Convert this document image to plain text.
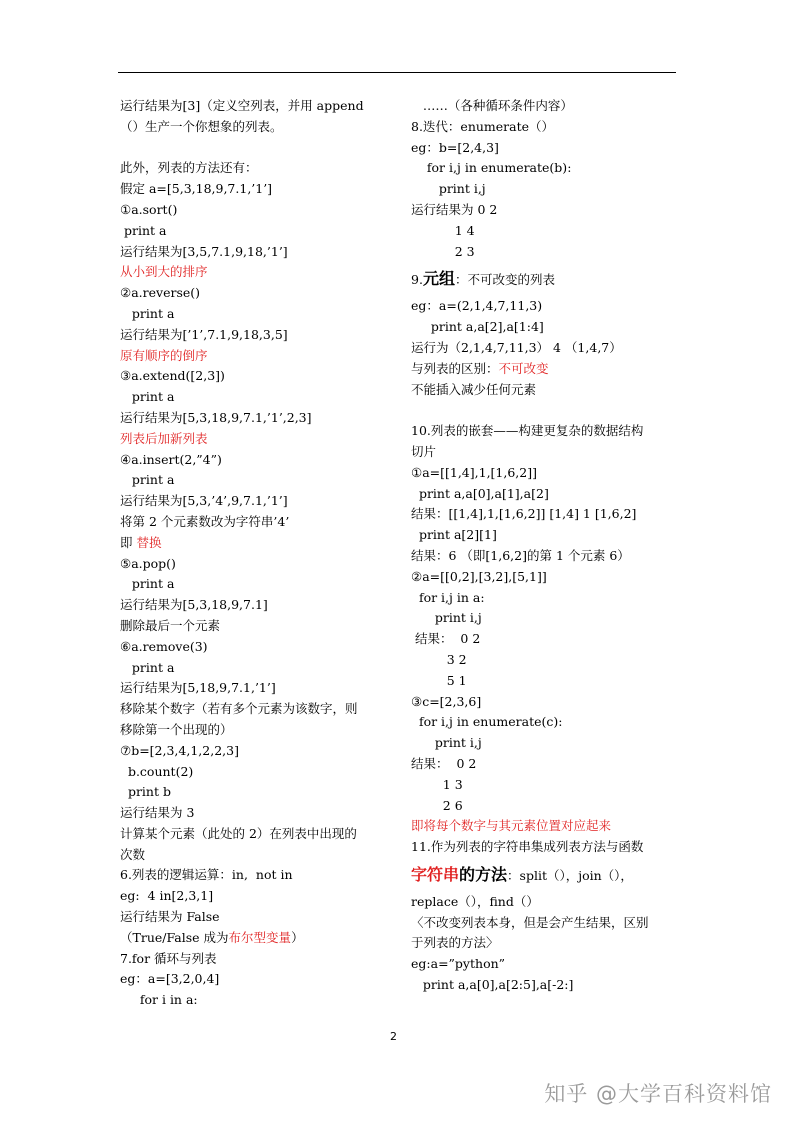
运行结果为[3]（定义空列表，并用 append
（）生产一个你想象的列表。
此外，列表的方法还有：
假定 a=[5,3,18,9,7.1,’1’]
①a.sort()
print a
运行结果为[3,5,7.1,9,18,’1’]
从小到大的排序
②a.reverse()
print a
运行结果为[’1’,7.1,9,18,3,5]
原有顺序的倒序
③a.extend([2,3])
print a
运行结果为[5,3,18,9,7.1,’1’,2,3]
列表后加新列表
④a.insert(2,”4”)
print a
运行结果为[5,3,’4’,9,7.1,’1’]
将第 2 个元素数改为字符串’4’
即 替换
⑤a.pop()
print a
运行结果为[5,3,18,9,7.1]
删除最后一个元素
⑥a.remove(3)
print a
运行结果为[5,18,9,7.1,’1’]
移除某个数字（若有多个元素为该数字，则
移除第一个出现的）
⑦b=[2,3,4,1,2,2,3]
b.count(2)
print b
运行结果为 3
计算某个元素（此处的 2）在列表中出现的
次数
6.列表的逻辑运算：in,  not in
eg:  4 in[2,3,1]
运行结果为 False
（True/False 成为布尔型变量）
7.for 循环与列表
eg：a=[3,2,0,4]
for i in a:
……（各种循环条件内容）
8.迭代：enumerate（）
eg：b=[2,4,3]
for i,j in enumerate(b):
print i,j
运行结果为 0 2
1 4
2 3
9.元组：不可改变的列表
eg：a=(2,1,4,7,11,3)
print a,a[2],a[1:4]
运行为（2,1,4,7,11,3） 4 （1,4,7）
与列表的区别：不可改变
不能插入减少任何元素
10.列表的嵌套——构建更复杂的数据结构
切片
①a=[[1,4],1,[1,6,2]]
print a,a[0],a[1],a[2]
结果：[[1,4],1,[1,6,2]] [1,4] 1 [1,6,2]
print a[2][1]
结果：6 （即[1,6,2]的第 1 个元素 6）
②a=[[0,2],[3,2],[5,1]]
for i,j in a:
print i,j
结果：  0 2
3 2
5 1
③c=[2,3,6]
for i,j in enumerate(c):
print i,j
结果：  0 2
1 3
2 6
即将每个数字与其元素位置对应起来
11.作为列表的字符串集成列表方法与函数
字符串的方法：split（），join（），
replace（），find（）
〈不改变列表本身，但是会产生结果，区别
于列表的方法〉
eg:a=”python”
print a,a[0],a[2:5],a[-2:]
2
知乎 @大学百科资料馆
